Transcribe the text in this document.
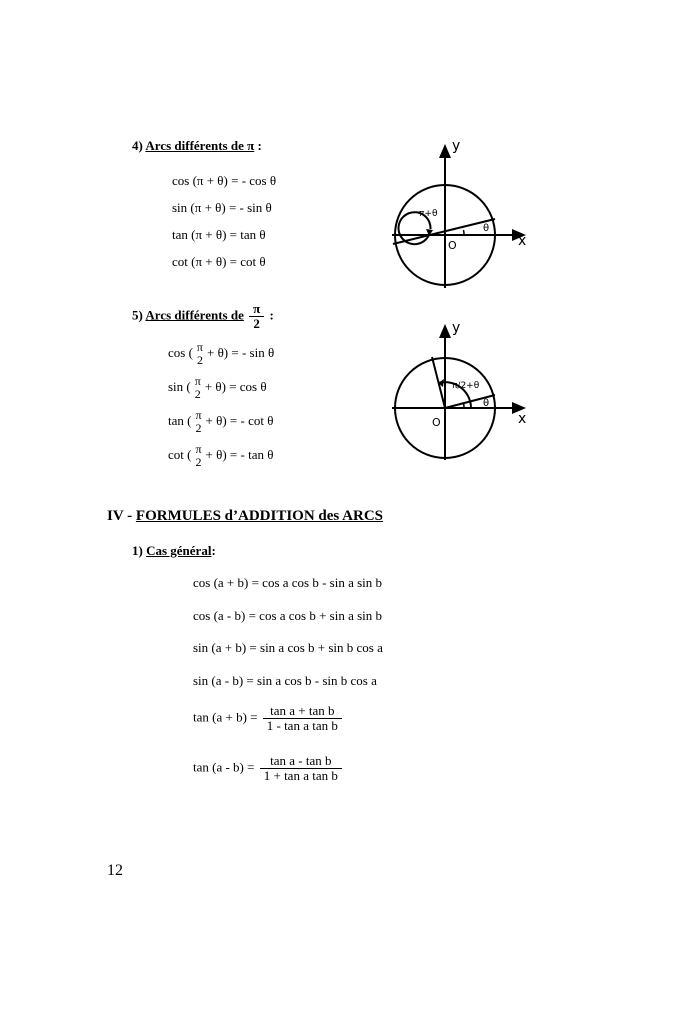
4) Arcs différents de π :
cos (π + θ) = - cos θ
sin (π + θ) = - sin θ
tan (π + θ) = tan θ
cot (π + θ) = cot θ
y
x
O
π+θ
θ
5) Arcs différents de $\frac{\pi}{2}$ :
cos ( π
2
+ θ) = - sin θ
sin ( π
2
+ θ) = cos θ
tan ( π
2
+ θ) = - cot θ
cot ( π
2
+ θ) = - tan θ
y
x
O
π/2+θ
θ
IV - FORMULES d’ADDITION des ARCS
1) Cas général:
cos (a + b) = cos a cos b - sin a sin b
cos (a - b) = cos a cos b + sin a sin b
sin (a + b) = sin a cos b + sin b cos a
sin (a - b) = sin a cos b - sin b cos a
$\tan (a + b) = \frac{\text{tan a + tan b}}{\text{1 - tan a tan b}}$
$\tan (a - b) = \frac{\text{tan a - tan b}}{\text{1 + tan a tan b}}$
12
